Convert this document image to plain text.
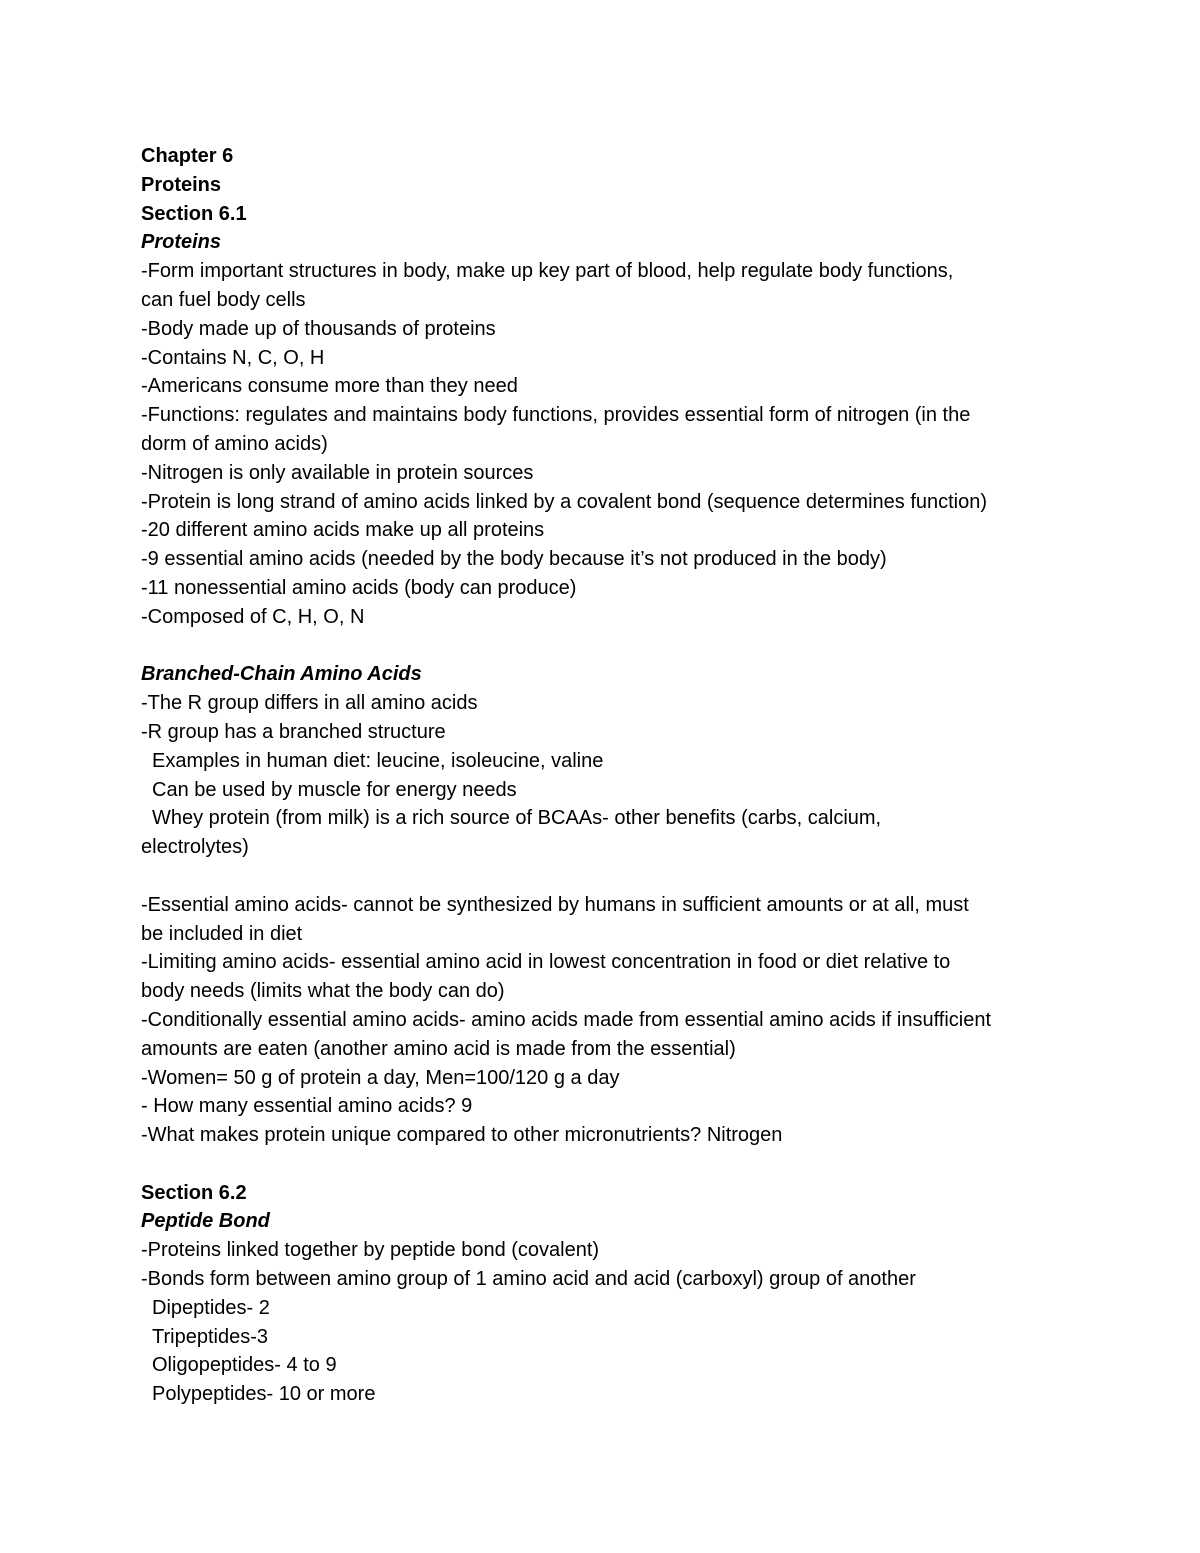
Chapter 6

Proteins

Section 6.1

Proteins

-Form important structures in body, make up key part of blood, help regulate body functions,

can fuel body cells

-Body made up of thousands of proteins

-Contains N, C, O, H

-Americans consume more than they need

-Functions: regulates and maintains body functions, provides essential form of nitrogen (in the

dorm of amino acids)

-Nitrogen is only available in protein sources

-Protein is long strand of amino acids linked by a covalent bond (sequence determines function)

-20 different amino acids make up all proteins

-9 essential amino acids (needed by the body because it’s not produced in the body)

-11 nonessential amino acids (body can produce)

-Composed of C, H, O, N

Branched-Chain Amino Acids

-The R group differs in all amino acids

-R group has a branched structure

Examples in human diet: leucine, isoleucine, valine

Can be used by muscle for energy needs

Whey protein (from milk) is a rich source of BCAAs- other benefits (carbs, calcium,

electrolytes)

-Essential amino acids- cannot be synthesized by humans in sufficient amounts or at all, must

be included in diet

-Limiting amino acids- essential amino acid in lowest concentration in food or diet relative to

body needs (limits what the body can do)

-Conditionally essential amino acids- amino acids made from essential amino acids if insufficient

amounts are eaten (another amino acid is made from the essential)

-Women= 50 g of protein a day, Men=100/120 g a day

- How many essential amino acids? 9

-What makes protein unique compared to other micronutrients? Nitrogen

Section 6.2

Peptide Bond

-Proteins linked together by peptide bond (covalent)

-Bonds form between amino group of 1 amino acid and acid (carboxyl) group of another

Dipeptides- 2

Tripeptides-3

Oligopeptides- 4 to 9

Polypeptides- 10 or more
